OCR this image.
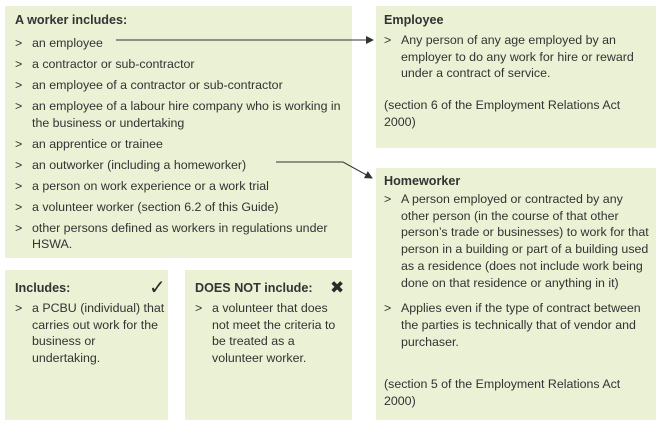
A worker includes:
> an employee
> a contractor or sub-contractor
> an employee of a contractor or sub-contractor
> an employee of a labour hire company who is working in the business or undertaking
> an apprentice or trainee
> an outworker (including a homeworker)
> a person on work experience or a work trial
> a volunteer worker (section 6.2 of this Guide)
> other persons defined as workers in regulations under HSWA.
Includes:	✓
> a PCBU (individual) that carries out work for the business or undertaking.
DOES NOT include: ✖
> a volunteer that does not meet the criteria to be treated as a volunteer worker.
Employee
> Any person of any age employed by an employer to do any work for hire or reward under a contract of service.

(section 6 of the Employment Relations Act 2000)

Homeworker
> A person employed or contracted by any other person (in the course of that other person’s trade or businesses) to work for that person in a building or part of a building used as a residence (does not include work being done on that residence or anything in it)
> Applies even if the type of contract between the parties is technically that of vendor and purchaser.

(section 5 of the Employment Relations Act 2000)
